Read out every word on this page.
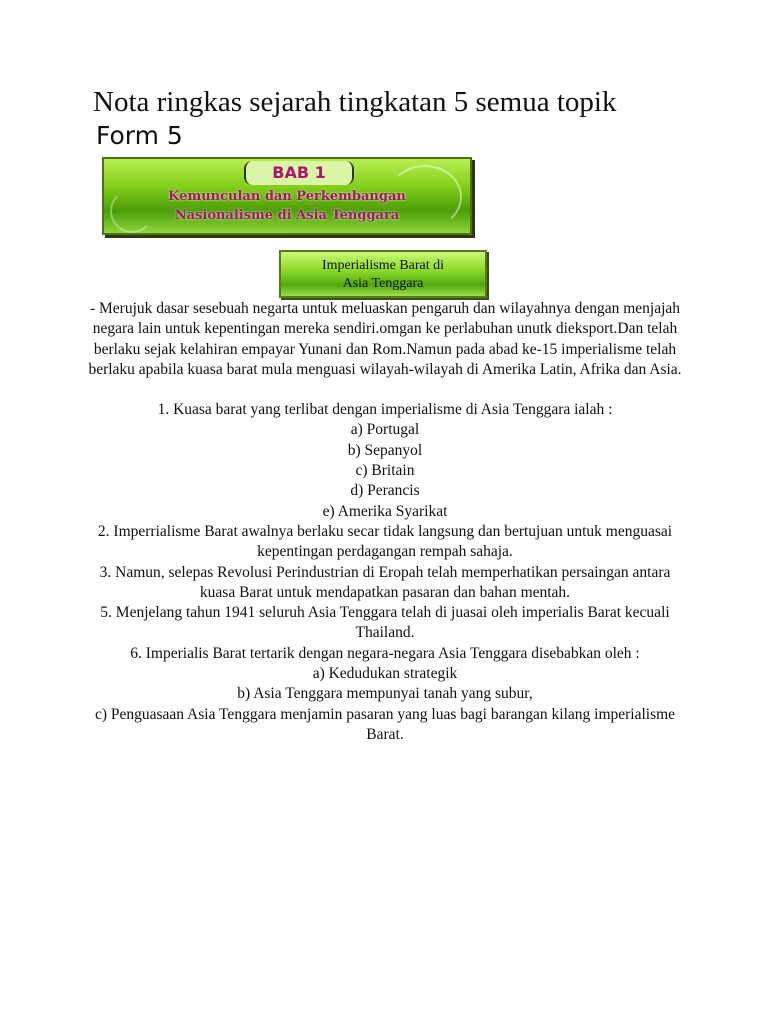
Nota ringkas sejarah tingkatan 5 semua topik
Form 5
BAB 1
Kemunculan dan Perkembangan
Nasionalisme di Asia Tenggara
Imperialisme Barat di
Asia Tenggara

- Merujuk dasar sesebuah negarta untuk meluaskan pengaruh dan wilayahnya dengan menjajah negara lain untuk kepentingan mereka sendiri.omgan ke perlabuhan unutk dieksport.Dan telah berlaku sejak kelahiran empayar Yunani dan Rom.Namun pada abad ke-15 imperialisme telah berlaku apabila kuasa barat mula menguasi wilayah-wilayah di Amerika Latin, Afrika dan Asia.

1. Kuasa barat yang terlibat dengan imperialisme di Asia Tenggara ialah :

a) Portugal

b) Sepanyol

c) Britain

d) Perancis

e) Amerika Syarikat

2. Imperrialisme Barat awalnya berlaku secar tidak langsung dan bertujuan untuk menguasai kepentingan perdagangan rempah sahaja.

3. Namun, selepas Revolusi Perindustrian di Eropah telah memperhatikan persaingan antara kuasa Barat untuk mendapatkan pasaran dan bahan mentah.

5. Menjelang tahun 1941 seluruh Asia Tenggara telah di juasai oleh imperialis Barat kecuali Thailand.

6. Imperialis Barat tertarik dengan negara-negara Asia Tenggara disebabkan oleh :

a) Kedudukan strategik

b) Asia Tenggara mempunyai tanah yang subur,

c) Penguasaan Asia Tenggara menjamin pasaran yang luas bagi barangan kilang imperialisme Barat.
